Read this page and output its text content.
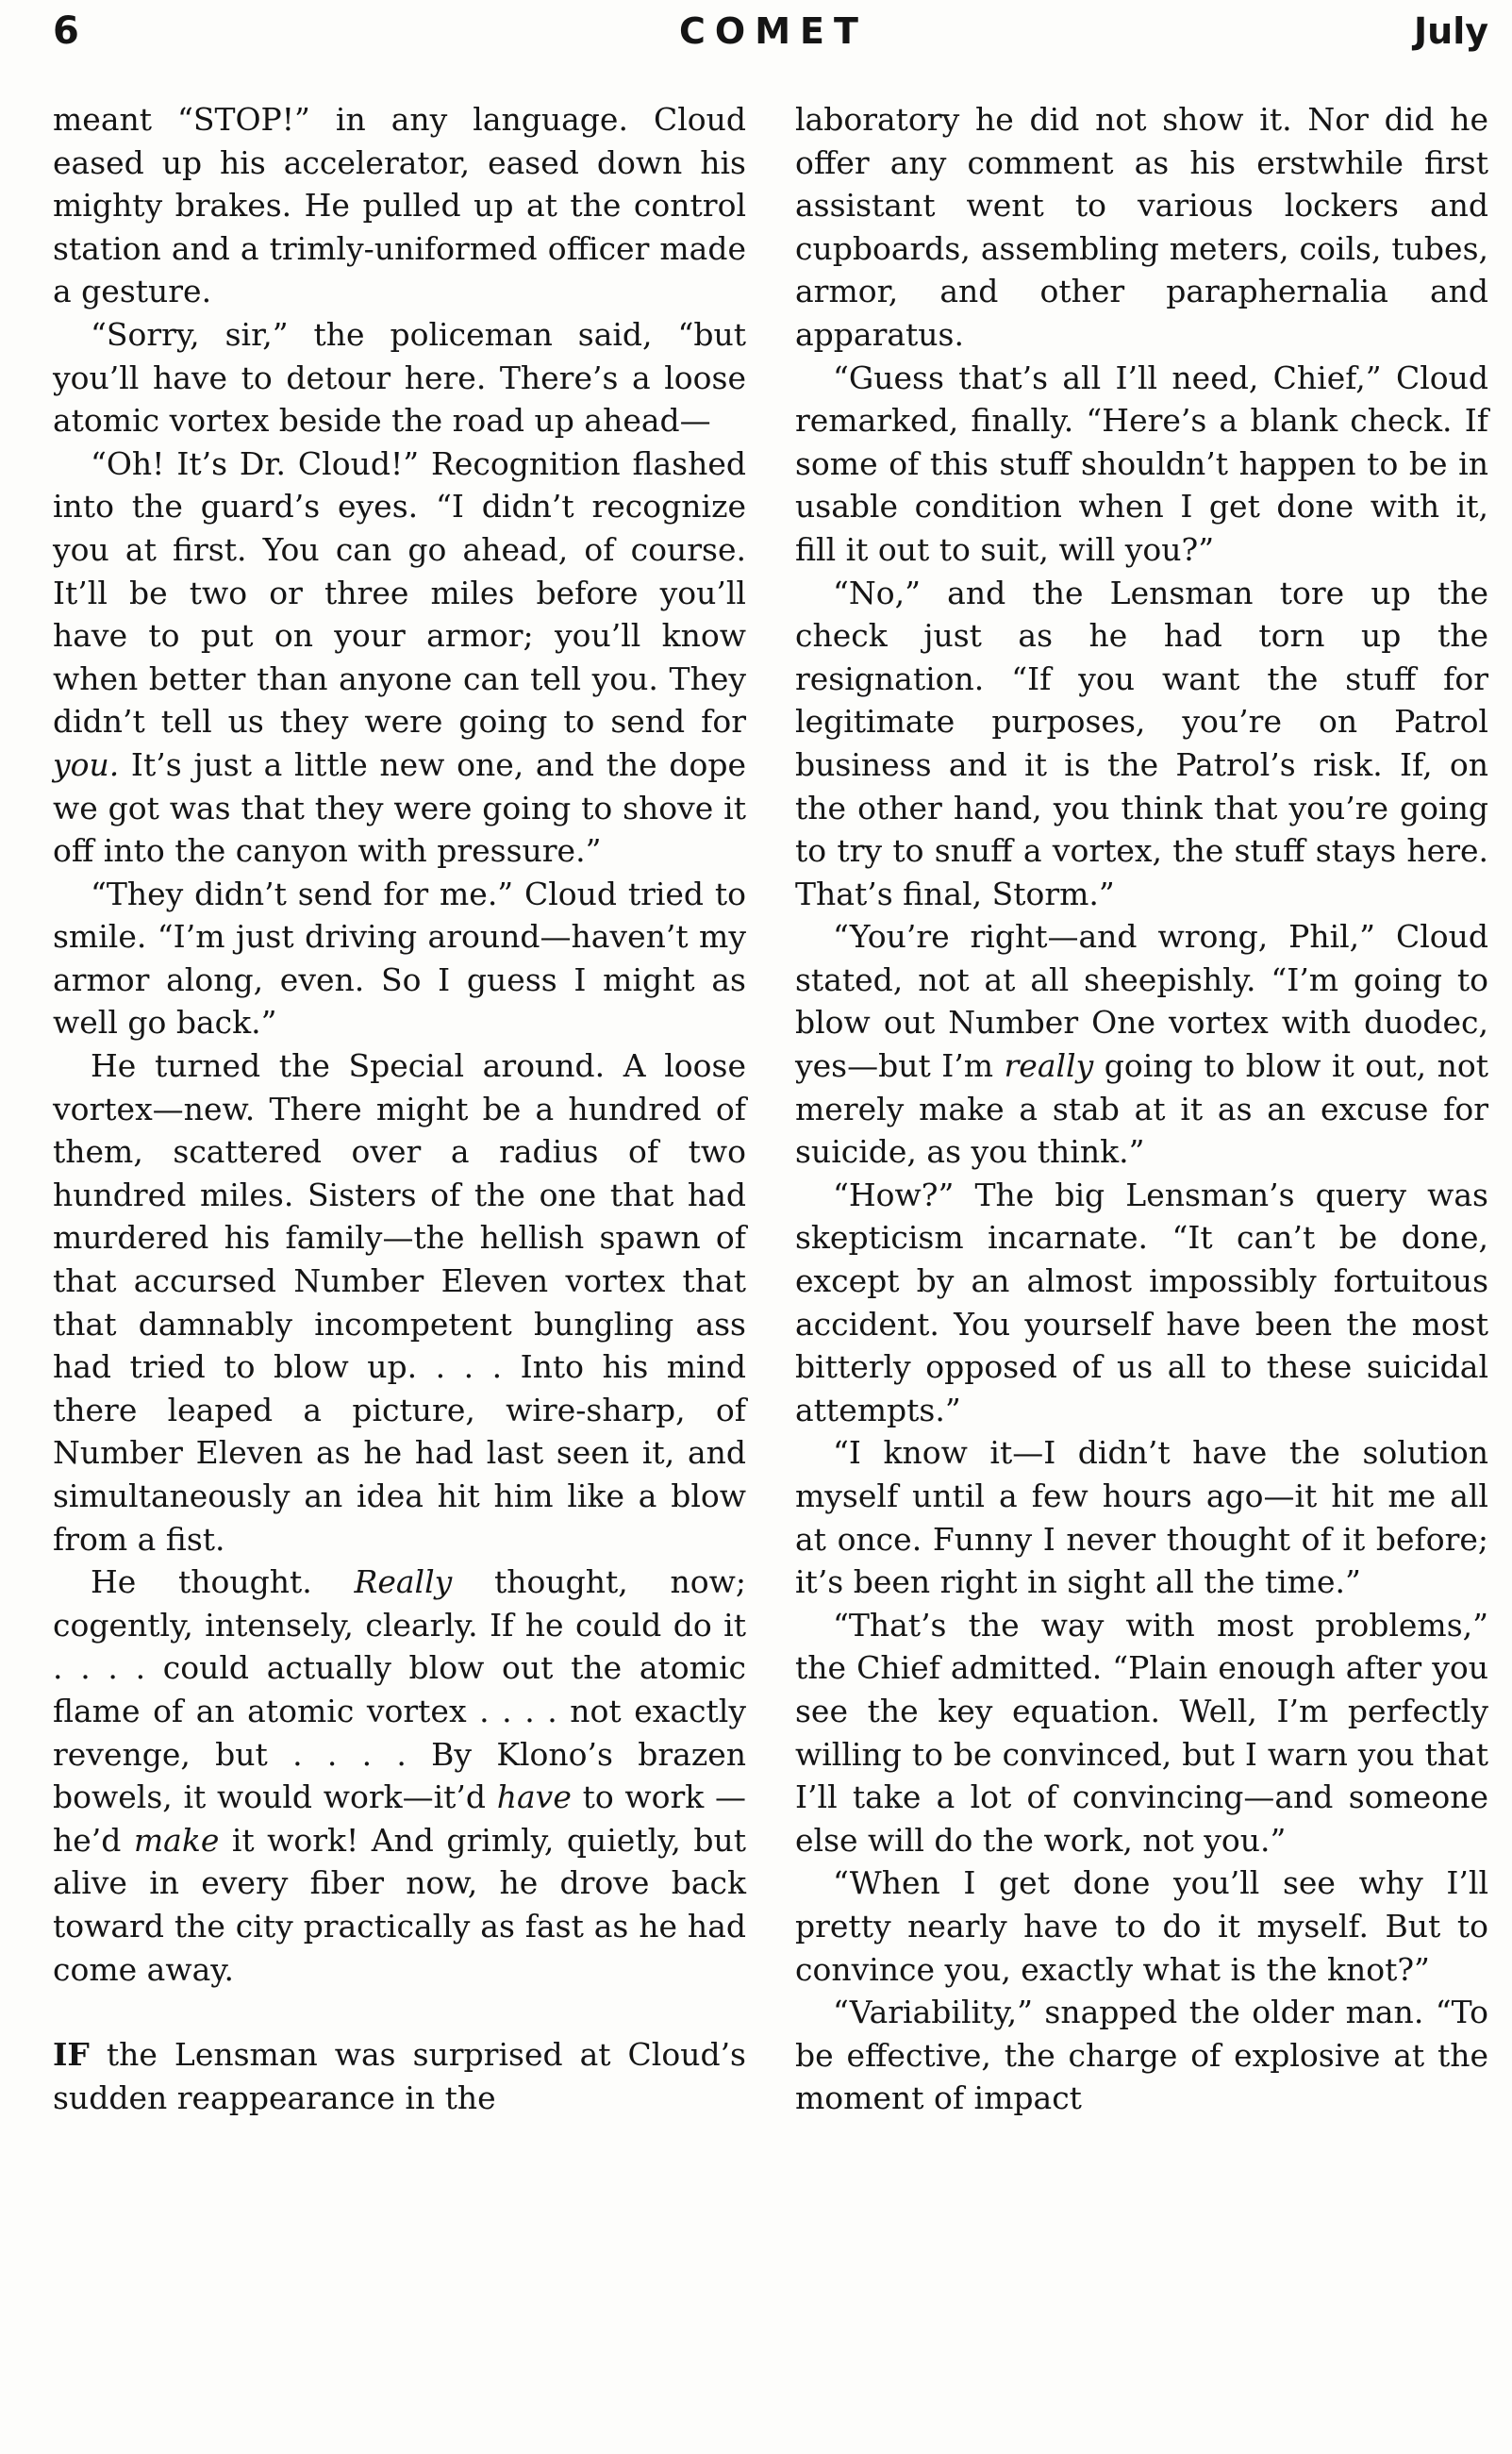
6	COMET	July

meant “STOP!” in any language. Cloud eased up his accelerator, eased down his mighty brakes. He pulled up at the control station and a trimly-uniformed officer made a gesture.

“Sorry, sir,” the policeman said, “but you’ll have to detour here. There’s a loose atomic vortex beside the road up ahead—

“Oh! It’s Dr. Cloud!” Recognition flashed into the guard’s eyes. “I didn’t recognize you at first. You can go ahead, of course. It’ll be two or three miles before you’ll have to put on your armor; you’ll know when better than anyone can tell you. They didn’t tell us they were going to send for you. It’s just a little new one, and the dope we got was that they were going to shove it off into the canyon with pressure.”

“They didn’t send for me.” Cloud tried to smile. “I’m just driving around—haven’t my armor along, even. So I guess I might as well go back.”

He turned the Special around. A loose vortex—new. There might be a hundred of them, scattered over a radius of two hundred miles. Sisters of the one that had murdered his family—the hellish spawn of that accursed Number Eleven vortex that that damnably incompetent bungling ass had tried to blow up. . . . Into his mind there leaped a picture, wire-sharp, of Number Eleven as he had last seen it, and simultaneously an idea hit him like a blow from a fist.

He thought. Really thought, now; cogently, intensely, clearly. If he could do it . . . . could actually blow out the atomic flame of an atomic vortex . . . . not exactly revenge, but . . . . By Klono’s brazen bowels, it would work—it’d have to work —he’d make it work! And grimly, quietly, but alive in every fiber now, he drove back toward the city practically as fast as he had come away.

IF the Lensman was surprised at Cloud’s sudden reappearance in the

laboratory he did not show it. Nor did he offer any comment as his erstwhile first assistant went to various lockers and cupboards, assembling meters, coils, tubes, armor, and other paraphernalia and apparatus.

“Guess that’s all I’ll need, Chief,” Cloud remarked, finally. “Here’s a blank check. If some of this stuff shouldn’t happen to be in usable condition when I get done with it, fill it out to suit, will you?”

“No,” and the Lensman tore up the check just as he had torn up the resignation. “If you want the stuff for legitimate purposes, you’re on Patrol business and it is the Patrol’s risk. If, on the other hand, you think that you’re going to try to snuff a vortex, the stuff stays here. That’s final, Storm.”

“You’re right—and wrong, Phil,” Cloud stated, not at all sheepishly. “I’m going to blow out Number One vortex with duodec, yes—but I’m really going to blow it out, not merely make a stab at it as an excuse for suicide, as you think.”

“How?” The big Lensman’s query was skepticism incarnate. “It can’t be done, except by an almost impossibly fortuitous accident. You yourself have been the most bitterly opposed of us all to these suicidal attempts.”

“I know it—I didn’t have the solution myself until a few hours ago—it hit me all at once. Funny I never thought of it before; it’s been right in sight all the time.”

“That’s the way with most problems,” the Chief admitted. “Plain enough after you see the key equation. Well, I’m perfectly willing to be convinced, but I warn you that I’ll take a lot of convincing—and someone else will do the work, not you.”

“When I get done you’ll see why I’ll pretty nearly have to do it myself. But to convince you, exactly what is the knot?”

“Variability,” snapped the older man. “To be effective, the charge of explosive at the moment of impact
